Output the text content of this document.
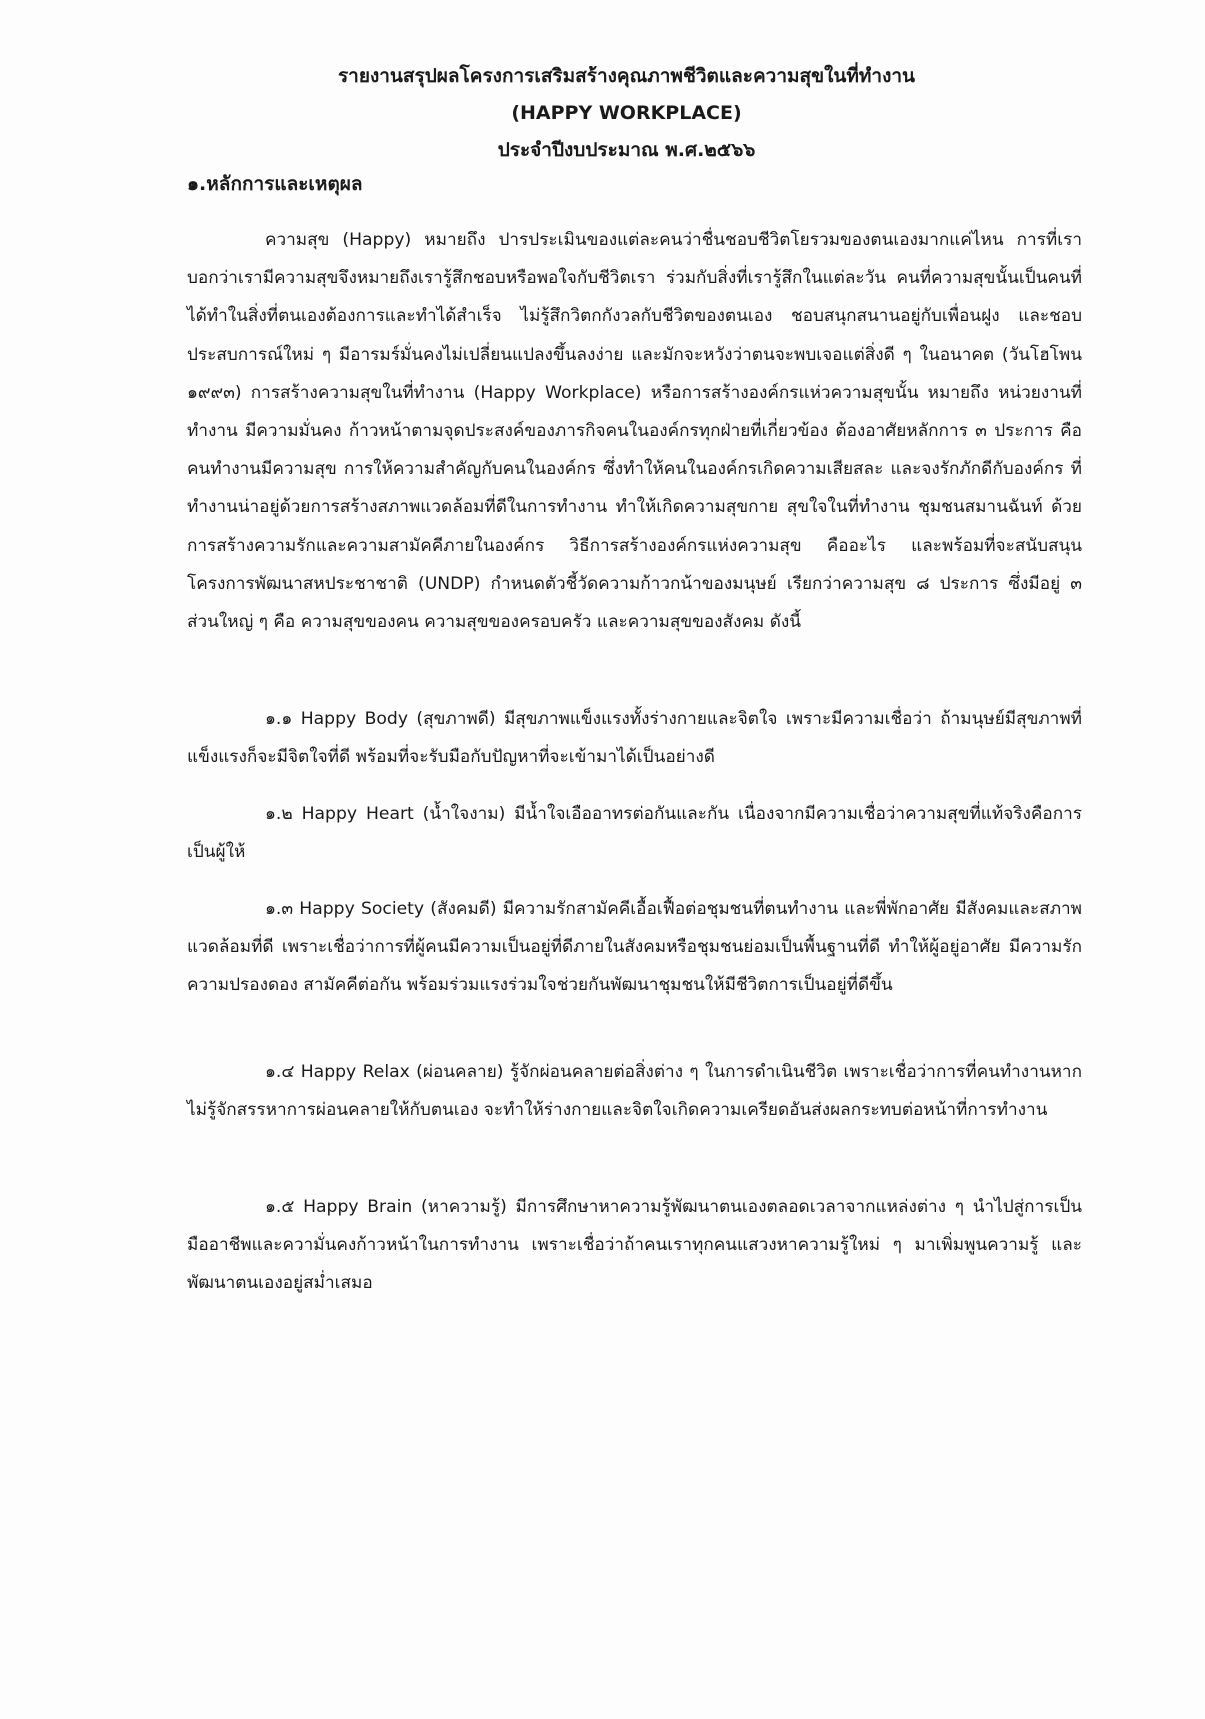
รายงานสรุปผลโครงการเสริมสร้างคุณภาพชีวิตและความสุขในที่ทำงาน
(HAPPY WORKPLACE)
ประจำปีงบประมาณ พ.ศ.๒๕๖๖
๑.หลักการและเหตุผล

ความสุข (Happy) หมายถึง ปารประเมินของแต่ละคนว่าชื่นชอบชีวิตโยรวมของตนเองมากแค่ไหน การที่เราบอกว่าเรามีความสุขจึงหมายถึงเรารู้สึกชอบหรือพอใจกับชีวิตเรา ร่วมกับสิ่งที่เรารู้สึกในแต่ละวัน คนที่ความสุขนั้นเป็นคนที่ได้ทำในสิ่งที่ตนเองต้องการและทำได้สำเร็จ ไม่รู้สึกวิตกกังวลกับชีวิตของตนเอง ชอบสนุกสนานอยู่กับเพื่อนฝูง และชอบประสบการณ์ใหม่ ๆ มีอารมร์มั่นคงไม่เปลี่ยนแปลงขึ้นลงง่าย และมักจะหวังว่าตนจะพบเจอแต่สิ่งดี ๆ ในอนาคต (วันโฮโพน ๑๙๙๓) การสร้างความสุขในที่ทำงาน (Happy Workplace) หรือการสร้างองค์กรแห่วความสุขนั้น หมายถึง หน่วยงานที่ทำงาน มีความมั่นคง ก้าวหน้าตามจุดประสงค์ของภารกิจคนในองค์กรทุกฝ่ายที่เกี่ยวข้อง ต้องอาศัยหลักการ ๓ ประการ คือ คนทำงานมีความสุข การให้ความสำคัญกับคนในองค์กร ซึ่งทำให้คนในองค์กรเกิดความเสียสละ และจงรักภักดีกับองค์กร ที่ทำงานน่าอยู่ด้วยการสร้างสภาพแวดล้อมที่ดีในการทำงาน ทำให้เกิดความสุขกาย สุขใจในที่ทำงาน ชุมชนสมานฉันท์ ด้วยการสร้างความรักและความสามัคคีภายในองค์กร วิธีการสร้างองค์กรแห่งความสุข คืออะไร และพร้อมที่จะสนับสนุน โครงการพัฒนาสหประชาชาติ (UNDP) กำหนดตัวชี้วัดความก้าวกน้าของมนุษย์ เรียกว่าความสุข ๘ ประการ ซึ่งมีอยู่ ๓ ส่วนใหญ่ ๆ คือ ความสุขของคน ความสุขของครอบครัว และความสุขของสังคม ดังนี้

๑.๑ Happy Body (สุขภาพดี) มีสุขภาพแข็งแรงทั้งร่างกายและจิตใจ เพราะมีความเชื่อว่า ถ้ามนุษย์มีสุขภาพที่แข็งแรงก็จะมีจิตใจที่ดี พร้อมที่จะรับมือกับปัญหาที่จะเข้ามาได้เป็นอย่างดี

๑.๒ Happy Heart (น้ำใจงาม) มีน้ำใจเอืออาทรต่อกันและกัน เนื่องจากมีความเชื่อว่าความสุขที่แท้จริงคือการเป็นผู้ให้

๑.๓ Happy Society (สังคมดี) มีความรักสามัคคีเอื้อเฟื้อต่อชุมชนที่ตนทำงาน และพี่พักอาศัย มีสังคมและสภาพแวดล้อมที่ดี เพราะเชื่อว่าการที่ผู้คนมีความเป็นอยู่ที่ดีภายในสังคมหรือชุมชนย่อมเป็นพื้นฐานที่ดี ทำให้ผู้อยู่อาศัย มีความรัก ความปรองดอง สามัคคีต่อกัน พร้อมร่วมแรงร่วมใจช่วยกันพัฒนาชุมชนให้มีชีวิตการเป็นอยู่ที่ดีขึ้น

๑.๔ Happy Relax (ผ่อนคลาย) รู้จักผ่อนคลายต่อสิ่งต่าง ๆ ในการดำเนินชีวิต เพราะเชื่อว่าการที่คนทำงานหากไม่รู้จักสรรหาการผ่อนคลายให้กับตนเอง จะทำให้ร่างกายและจิตใจเกิดความเครียดอันส่งผลกระทบต่อหน้าที่การทำงาน

๑.๕ Happy Brain (หาความรู้) มีการศึกษาหาความรู้พัฒนาตนเองตลอดเวลาจากแหล่งต่าง ๆ นำไปสู่การเป็นมืออาชีพและความั่นคงก้าวหน้าในการทำงาน เพราะเชื่อว่าถ้าคนเราทุกคนแสวงหาความรู้ใหม่ ๆ มาเพิ่มพูนความรู้ และพัฒนาตนเองอยู่สม่ำเสมอ
